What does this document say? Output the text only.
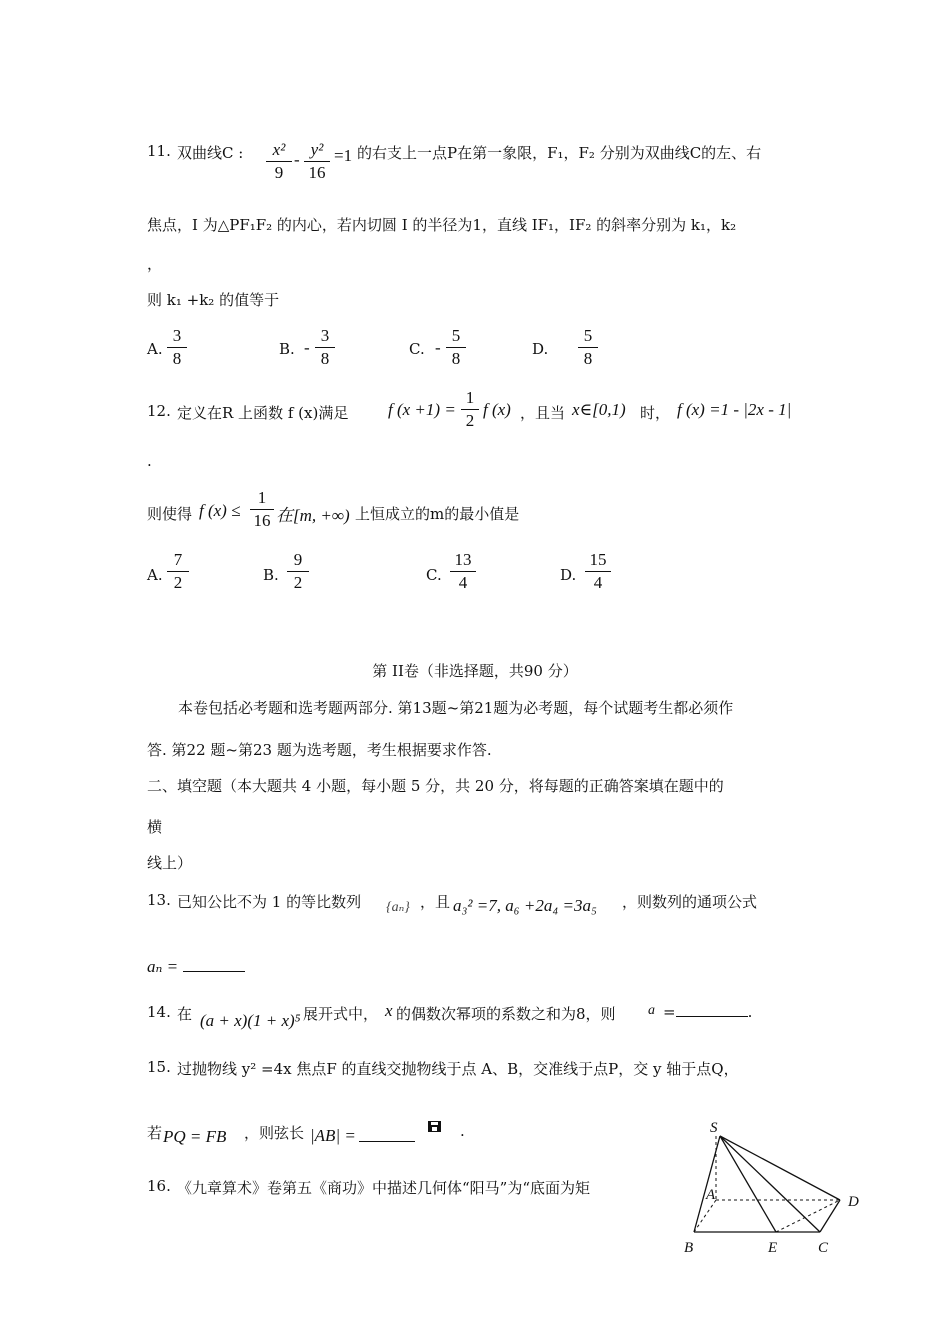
11. 双曲线C :	x²
9
-
y²
16
=1 的右支上一点P在第一象限，F₁，F₂ 分别为双曲线C的左、右
焦点，I 为△PF₁F₂ 的内心，若内切圆 I 的半径为1，直线 IF₁，IF₂ 的斜率分别为 k₁，k₂
，
则 k₁ +k₂ 的值等于
A.
3
8	B. -
3
8	C. -
5
8	D.
5
8
12. 定义在R 上函数 f (x)满足 f (x +1) =
1
2
f (x) ，且当 x∈[0,1) 时， f (x) =1 - |2x - 1|
.
则使得 f (x) ≤
1
16 在[m, +∞) 上恒成立的m的最小值是
A.
7
2	B.
9
2	C.
13
4	D.
15
4
第 II卷（非选择题，共90 分）
本卷包括必考题和选考题两部分. 第13题~第21题为必考题，每个试题考生都必须作
答. 第22 题~第23 题为选考题，考生根据要求作答.
二、填空题（本大题共 4 小题，每小题 5 分，共 20 分，将每题的正确答案填在题中的
横
线上）
13. 已知公比不为 1 的等比数列 {aₙ} ，且 a₃² =7, a₆ +2a₄ =3a₅ ，则数列的通项公式
aₙ =
14. 在 (a + x)(1 + x)⁵ 展开式中， x 的偶数次幂项的系数之和为8，则 a =	.
15. 过抛物线 y² =4x 焦点F 的直线交抛物线于点 A、B，交准线于点P，交 y 轴于点Q，
若 PQ = FB ，则弦长 |AB| =	.
16. 《九章算术》卷第五《商功》中描述几何体“阳马”为“底面为矩
S
A	D
B	E	C
